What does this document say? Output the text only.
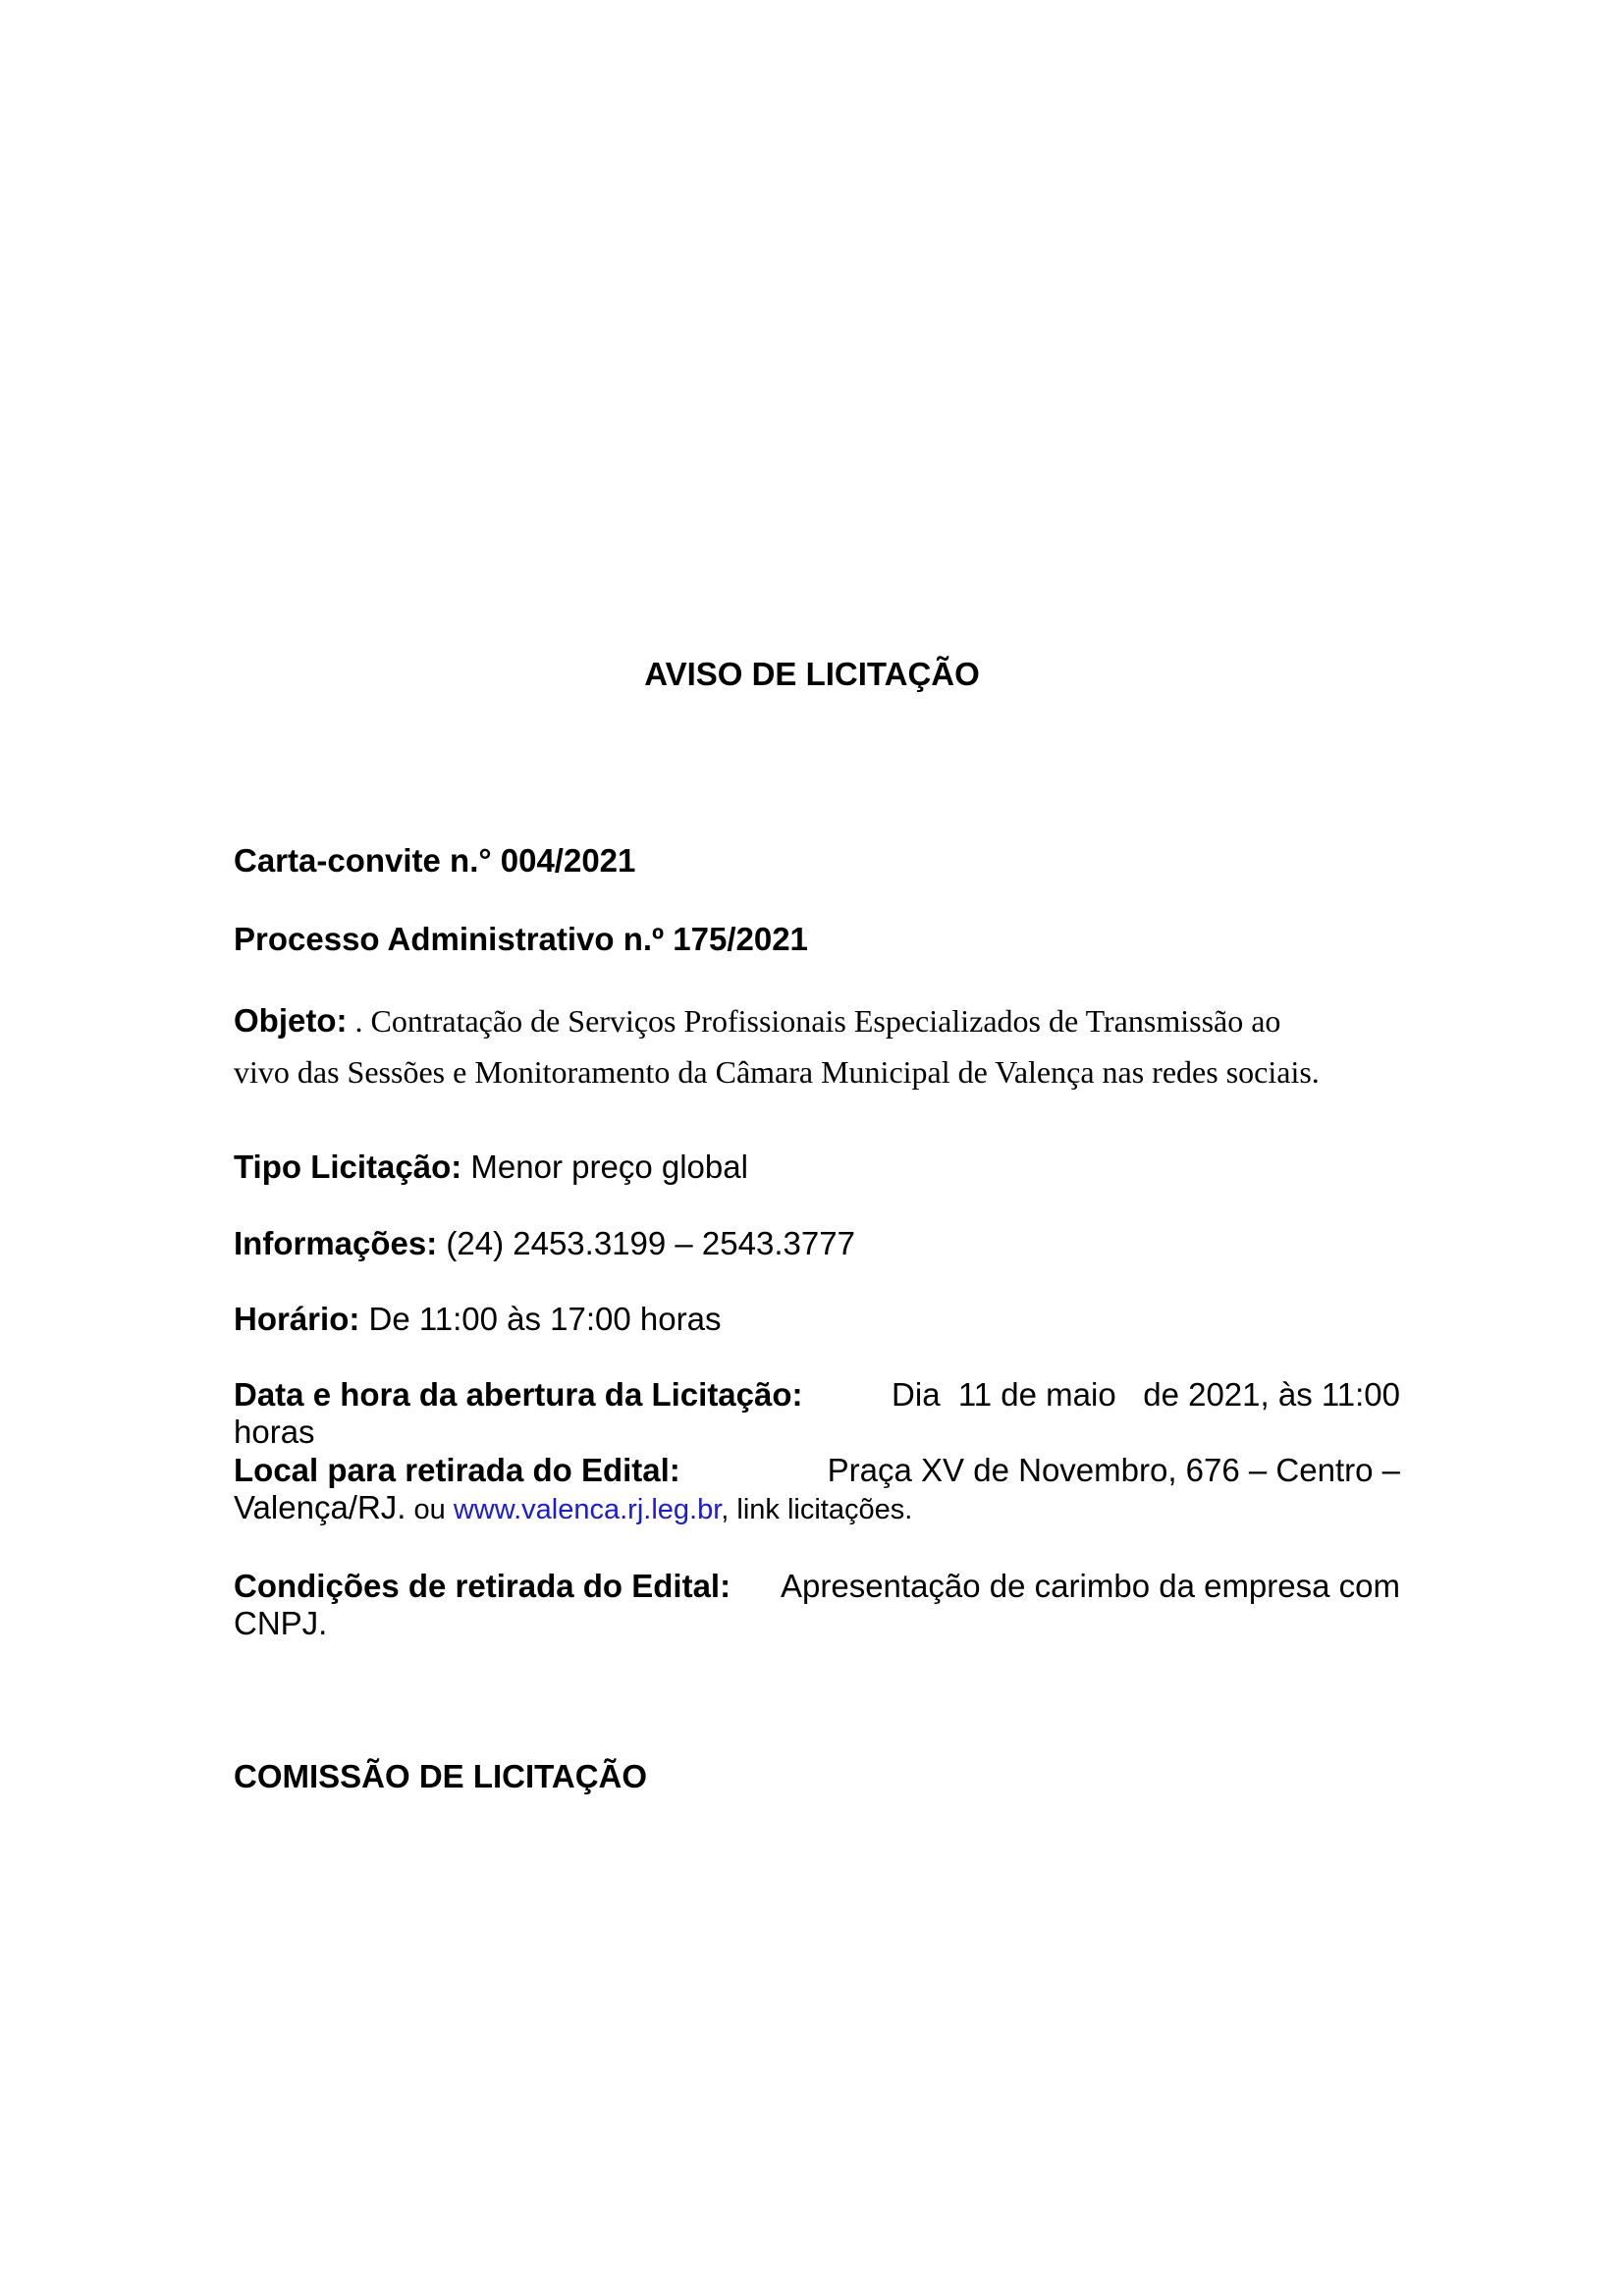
AVISO DE LICITAÇÃO
Carta-convite n.° 004/2021
Processo Administrativo n.º 175/2021
Objeto: . Contratação de Serviços Profissionais Especializados de Transmissão ao
vivo das Sessões e Monitoramento da Câmara Municipal de Valença nas redes sociais.
Tipo Licitação: Menor preço global
Informações: (24) 2453.3199 – 2543.3777
Horário: De 11:00 às 17:00 horas
Data e hora da abertura da Licitação:	Dia  11 de maio   de 2021, às 11:00
horas
Local para retirada do Edital:	Praça XV de Novembro, 676 – Centro –
Valença/RJ. ou www.valenca.rj.leg.br, link licitações.
Condições de retirada do Edital: Apresentação de carimbo da empresa com
CNPJ.
COMISSÃO DE LICITAÇÃO
